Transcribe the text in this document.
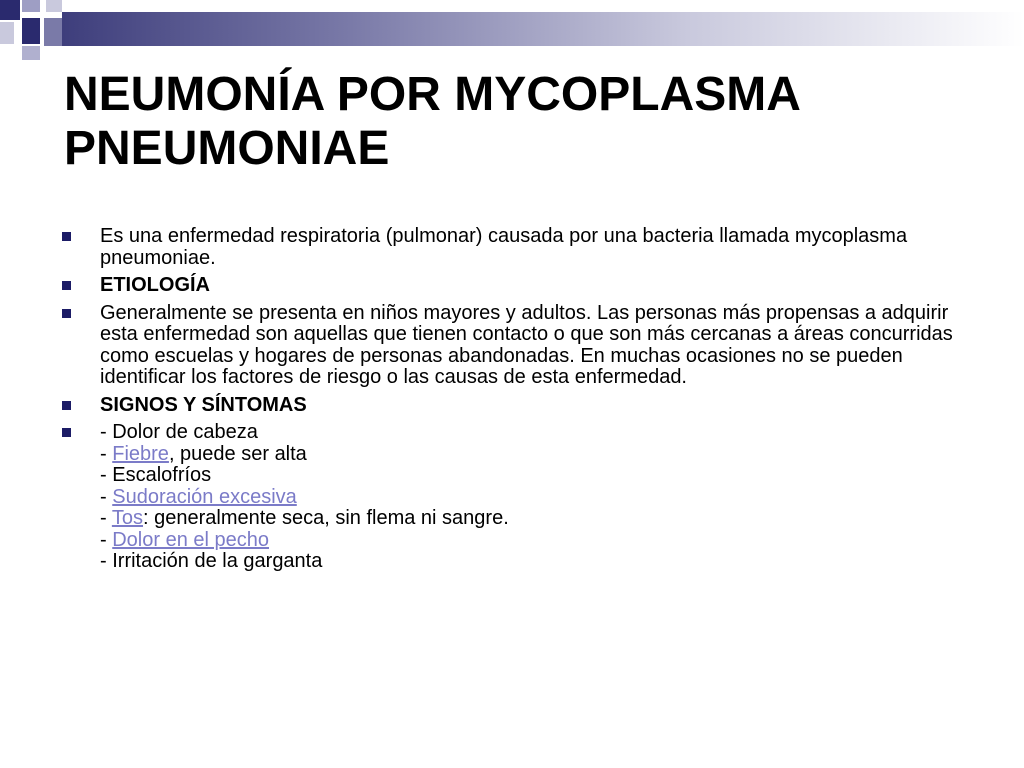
NEUMONÍA POR MYCOPLASMA
PNEUMONIAE
Es una enfermedad respiratoria (pulmonar) causada por una bacteria llamada mycoplasma pneumoniae.
ETIOLOGÍA
Generalmente se presenta en niños mayores y adultos. Las personas más propensas a adquirir esta enfermedad son aquellas que tienen contacto o que son más cercanas a áreas concurridas como escuelas y hogares de personas abandonadas. En muchas ocasiones no se pueden identificar los factores de riesgo o las causas de esta enfermedad.
SIGNOS Y SÍNTOMAS
- Dolor de cabeza
- Fiebre, puede ser alta
- Escalofríos
- Sudoración excesiva
- Tos: generalmente seca, sin flema ni sangre.
- Dolor en el pecho
- Irritación de la garganta
